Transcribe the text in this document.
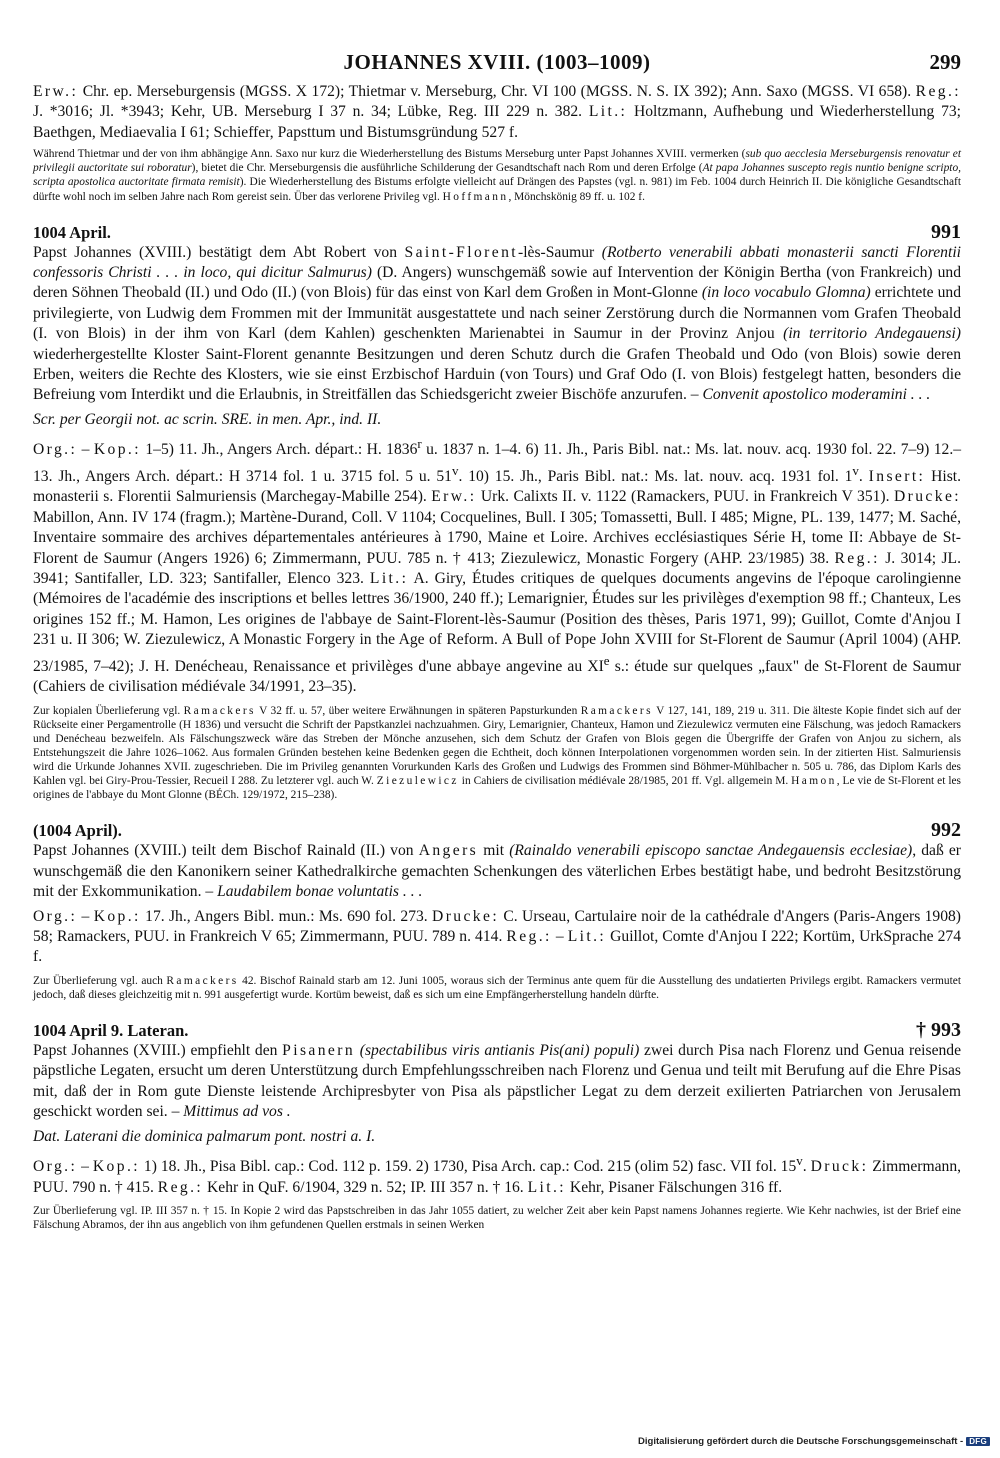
JOHANNES XVIII. (1003–1009)	299

Erw.: Chr. ep. Merseburgensis (MGSS. X 172); Thietmar v. Merseburg, Chr. VI 100 (MGSS. N. S. IX 392); Ann. Saxo (MGSS. VI 658). Reg.: J. *3016; Jl. *3943; Kehr, UB. Merseburg I 37 n. 34; Lübke, Reg. III 229 n. 382. Lit.: Holtzmann, Aufhebung und Wiederherstellung 73; Baethgen, Mediaevalia I 61; Schieffer, Papsttum und Bistumsgründung 527 f.

Während Thietmar und der von ihm abhängige Ann. Saxo nur kurz die Wiederherstellung des Bistums Merseburg unter Papst Johannes XVIII. vermerken (sub quo aecclesia Merseburgensis renovatur et privilegii auctoritate sui roboratur), bietet die Chr. Merseburgensis die ausführliche Schilderung der Gesandtschaft nach Rom und deren Erfolge (At papa Johannes suscepto regis nuntio benigne scripto, scripta apostolica auctoritate firmata remisit). Die Wiederherstellung des Bistums erfolgte vielleicht auf Drängen des Papstes (vgl. n. 981) im Feb. 1004 durch Heinrich II. Die königliche Gesandtschaft dürfte wohl noch im selben Jahre nach Rom gereist sein. Über das verlorene Privileg vgl. Hoffmann, Mönchskönig 89 ff. u. 102 f.

1004 April.	991

Papst Johannes (XVIII.) bestätigt dem Abt Robert von Saint-Florent-lès-Saumur (Rotberto venerabili abbati monasterii sancti Florentii confessoris Christi . . . in loco, qui dicitur Salmurus) (D. Angers) wunschgemäß sowie auf Intervention der Königin Bertha (von Frankreich) und deren Söhnen Theobald (II.) und Odo (II.) (von Blois) für das einst von Karl dem Großen in Mont-Glonne (in loco vocabulo Glomna) errichtete und privilegierte, von Ludwig dem Frommen mit der Immunität ausgestattete und nach seiner Zerstörung durch die Normannen vom Grafen Theobald (I. von Blois) in der ihm von Karl (dem Kahlen) geschenkten Marienabtei in Saumur in der Provinz Anjou (in territorio Andegauensi) wiederhergestellte Kloster Saint-Florent genannte Besitzungen und deren Schutz durch die Grafen Theobald und Odo (von Blois) sowie deren Erben, weiters die Rechte des Klosters, wie sie einst Erzbischof Harduin (von Tours) und Graf Odo (I. von Blois) festgelegt hatten, besonders die Befreiung vom Interdikt und die Erlaubnis, in Streitfällen das Schiedsgericht zweier Bischöfe anzurufen. – Convenit apostolico moderamini . . .

Scr. per Georgii not. ac scrin. SRE. in men. Apr., ind. II.

Org.: – Kop.: 1–5) 11. Jh., Angers Arch. départ.: H. 1836$^r$ u. 1837 n. 1–4. 6) 11. Jh., Paris Bibl. nat.: Ms. lat. nouv. acq. 1930 fol. 22. 7–9) 12.–13. Jh., Angers Arch. départ.: H 3714 fol. 1 u. 3715 fol. 5 u. 51$^v$. 10) 15. Jh., Paris Bibl. nat.: Ms. lat. nouv. acq. 1931 fol. 1$^v$. Insert: Hist. monasterii s. Florentii Salmuriensis (Marchegay-Mabille 254). Erw.: Urk. Calixts II. v. 1122 (Ramackers, PUU. in Frankreich V 351). Drucke: Mabillon, Ann. IV 174 (fragm.); Martène-Durand, Coll. V 1104; Cocquelines, Bull. I 305; Tomassetti, Bull. I 485; Migne, PL. 139, 1477; M. Saché, Inventaire sommaire des archives départementales antérieures à 1790, Maine et Loire. Archives ecclésiastiques Série H, tome II: Abbaye de St-Florent de Saumur (Angers 1926) 6; Zimmermann, PUU. 785 n. † 413; Ziezulewicz, Monastic Forgery (AHP. 23/1985) 38. Reg.: J. 3014; JL. 3941; Santifaller, LD. 323; Santifaller, Elenco 323. Lit.: A. Giry, Études critiques de quelques documents angevins de l'époque carolingienne (Mémoires de l'académie des inscriptions et belles lettres 36/1900, 240 ff.); Lemarignier, Études sur les privilèges d'exemption 98 ff.; Chanteux, Les origines 152 ff.; M. Hamon, Les origines de l'abbaye de Saint-Florent-lès-Saumur (Position des thèses, Paris 1971, 99); Guillot, Comte d'Anjou I 231 u. II 306; W. Ziezulewicz, A Monastic Forgery in the Age of Reform. A Bull of Pope John XVIII for St-Florent de Saumur (April 1004) (AHP. 23/1985, 7–42); J. H. Denécheau, Renaissance et privilèges d'une abbaye angevine au XIe s.: étude sur quelques „faux" de St-Florent de Saumur (Cahiers de civilisation médiévale 34/1991, 23–35).

Zur kopialen Überlieferung vgl. Ramackers V 32 ff. u. 57, über weitere Erwähnungen in späteren Papsturkunden Ramackers V 127, 141, 189, 219 u. 311. Die älteste Kopie findet sich auf der Rückseite einer Pergamentrolle (H 1836) und versucht die Schrift der Papstkanzlei nachzuahmen. Giry, Lemarignier, Chanteux, Hamon und Ziezulewicz vermuten eine Fälschung, was jedoch Ramackers und Denécheau bezweifeln. Als Fälschungszweck wäre das Streben der Mönche anzusehen, sich dem Schutz der Grafen von Blois gegen die Übergriffe der Grafen von Anjou zu sichern, als Entstehungszeit die Jahre 1026–1062. Aus formalen Gründen bestehen keine Bedenken gegen die Echtheit, doch können Interpolationen vorgenommen worden sein. In der zitierten Hist. Salmuriensis wird die Urkunde Johannes XVII. zugeschrieben. Die im Privileg genannten Vorurkunden Karls des Großen und Ludwigs des Frommen sind Böhmer-Mühlbacher n. 505 u. 786, das Diplom Karls des Kahlen vgl. bei Giry-Prou-Tessier, Recueil I 288. Zu letzterer vgl. auch W. Ziezulewicz in Cahiers de civilisation médiévale 28/1985, 201 ff. Vgl. allgemein M. Hamon, Le vie de St-Florent et les origines de l'abbaye du Mont Glonne (BÉCh. 129/1972, 215–238).

(1004 April).	992

Papst Johannes (XVIII.) teilt dem Bischof Rainald (II.) von Angers mit (Rainaldo venerabili episcopo sanctae Andegauensis ecclesiae), daß er wunschgemäß die den Kanonikern seiner Kathedralkirche gemachten Schenkungen des väterlichen Erbes bestätigt habe, und bedroht Besitzstörung mit der Exkommunikation. – Laudabilem bonae voluntatis . . .

Org.: – Kop.: 17. Jh., Angers Bibl. mun.: Ms. 690 fol. 273. Drucke: C. Urseau, Cartulaire noir de la cathédrale d'Angers (Paris-Angers 1908) 58; Ramackers, PUU. in Frankreich V 65; Zimmermann, PUU. 789 n. 414. Reg.: – Lit.: Guillot, Comte d'Anjou I 222; Kortüm, UrkSprache 274 f.

Zur Überlieferung vgl. auch Ramackers 42. Bischof Rainald starb am 12. Juni 1005, woraus sich der Terminus ante quem für die Ausstellung des undatierten Privilegs ergibt. Ramackers vermutet jedoch, daß dieses gleichzeitig mit n. 991 ausgefertigt wurde. Kortüm beweist, daß es sich um eine Empfängerherstellung handeln dürfte.

1004 April 9. Lateran.	† 993

Papst Johannes (XVIII.) empfiehlt den Pisanern (spectabilibus viris antianis Pis(ani) populi) zwei durch Pisa nach Florenz und Genua reisende päpstliche Legaten, ersucht um deren Unterstützung durch Empfehlungsschreiben nach Florenz und Genua und teilt mit Berufung auf die Ehre Pisas mit, daß der in Rom gute Dienste leistende Archipresbyter von Pisa als päpstlicher Legat zu dem derzeit exilierten Patriarchen von Jerusalem geschickt worden sei. – Mittimus ad vos .

Dat. Laterani die dominica palmarum pont. nostri a. I.

Org.: – Kop.: 1) 18. Jh., Pisa Bibl. cap.: Cod. 112 p. 159. 2) 1730, Pisa Arch. cap.: Cod. 215 (olim 52) fasc. VII fol. 15$^v$. Druck: Zimmermann, PUU. 790 n. † 415. Reg.: Kehr in QuF. 6/1904, 329 n. 52; IP. III 357 n. † 16. Lit.: Kehr, Pisaner Fälschungen 316 ff.

Zur Überlieferung vgl. IP. III 357 n. † 15. In Kopie 2 wird das Papstschreiben in das Jahr 1055 datiert, zu welcher Zeit aber kein Papst namens Johannes regierte. Wie Kehr nachwies, ist der Brief eine Fälschung Abramos, der ihn aus angeblich von ihm gefundenen Quellen erstmals in seinen Werken

Digitalisierung gefördert durch die Deutsche Forschungsgemeinschaft - DFG
